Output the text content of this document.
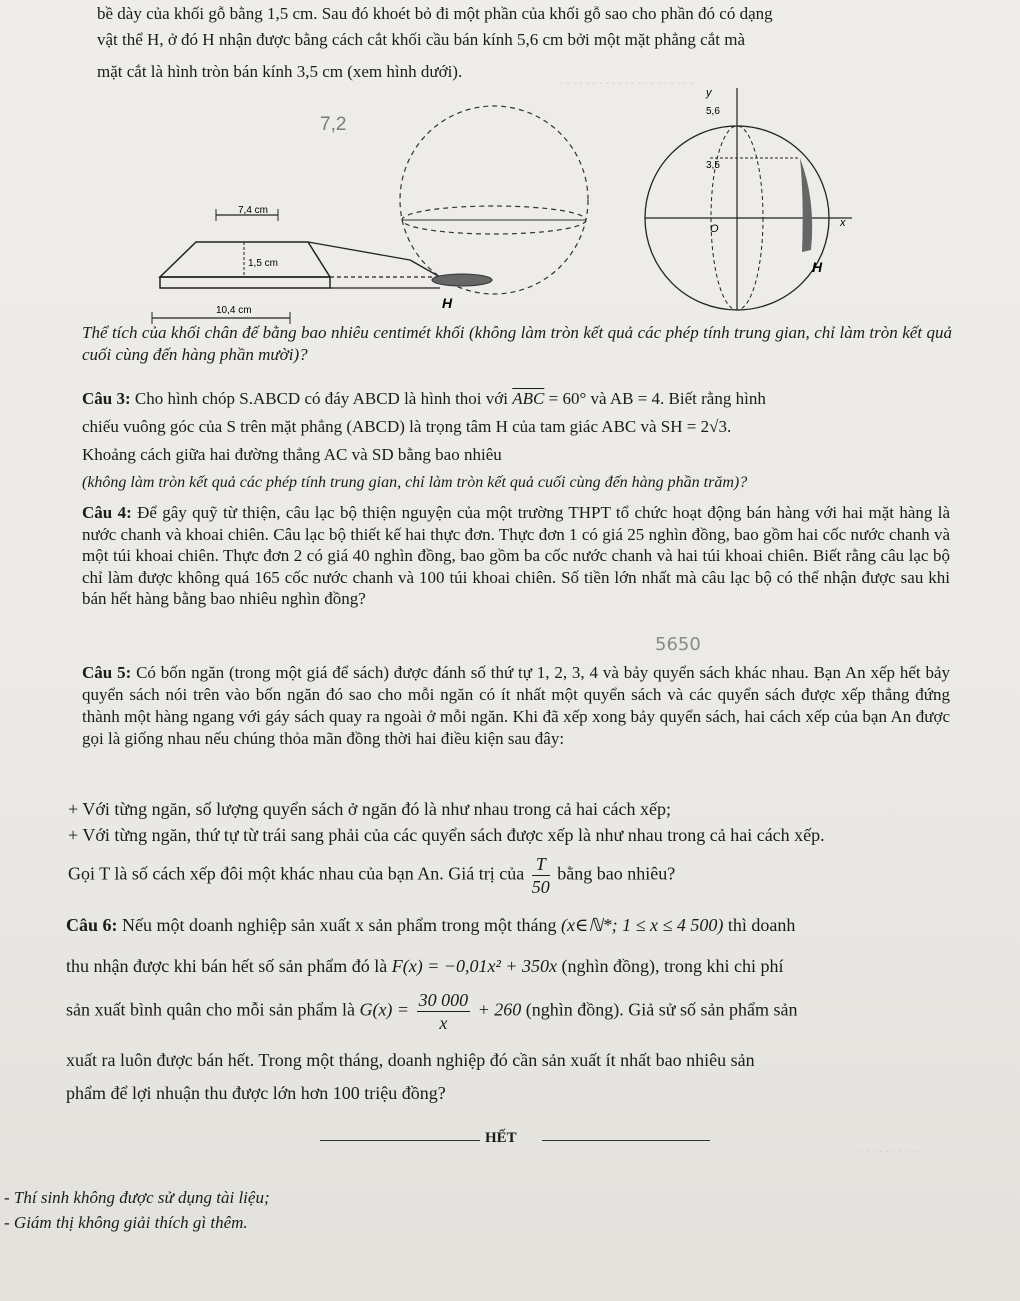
. . . . . . . . . . . . . . . . . . . . .
. . . . . . . . . .
bề dày của khối gỗ bằng 1,5 cm. Sau đó khoét bỏ đi một phần của khối gỗ sao cho phần đó có dạng
vật thể H, ở đó H nhận được bằng cách cắt khối cầu bán kính 5,6 cm bởi một mặt phẳng cắt mà
mặt cắt là hình tròn bán kính 3,5 cm (xem hình dưới).
7,4 cm
1,5 cm
10,4 cm
7,2
H
y
5,6
x
O
3,5
H

Thể tích của khối chân đế bằng bao nhiêu centimét khối (không làm tròn kết quả các phép tính trung gian, chỉ làm tròn kết quả cuối cùng đến hàng phần mười)?

Câu 3: Cho hình chóp S.ABCD có đáy ABCD là hình thoi với $\overline{ABC} = 60^\circ$ và AB = 4. Biết rằng hình
chiếu vuông góc của S trên mặt phẳng (ABCD) là trọng tâm H của tam giác ABC và SH = 2√3.
Khoảng cách giữa hai đường thẳng AC và SD bằng bao nhiêu
(không làm tròn kết quả các phép tính trung gian, chỉ làm tròn kết quả cuối cùng đến hàng phần trăm)?

Câu 4: Để gây quỹ từ thiện, câu lạc bộ thiện nguyện của một trường THPT tổ chức hoạt động bán hàng với hai mặt hàng là nước chanh và khoai chiên. Câu lạc bộ thiết kế hai thực đơn. Thực đơn 1 có giá 25 nghìn đồng, bao gồm hai cốc nước chanh và một túi khoai chiên. Thực đơn 2 có giá 40 nghìn đồng, bao gồm ba cốc nước chanh và hai túi khoai chiên. Biết rằng câu lạc bộ chỉ làm được không quá 165 cốc nước chanh và 100 túi khoai chiên. Số tiền lớn nhất mà câu lạc bộ có thể nhận được sau khi bán hết hàng bằng bao nhiêu nghìn đồng?

5650

Câu 5: Có bốn ngăn (trong một giá để sách) được đánh số thứ tự 1, 2, 3, 4 và bảy quyển sách khác nhau. Bạn An xếp hết bảy quyển sách nói trên vào bốn ngăn đó sao cho mỗi ngăn có ít nhất một quyển sách và các quyển sách được xếp thẳng đứng thành một hàng ngang với gáy sách quay ra ngoài ở mỗi ngăn. Khi đã xếp xong bảy quyển sách, hai cách xếp của bạn An được gọi là giống nhau nếu chúng thỏa mãn đồng thời hai điều kiện sau đây:

+ Với từng ngăn, số lượng quyển sách ở ngăn đó là như nhau trong cả hai cách xếp;
+ Với từng ngăn, thứ tự từ trái sang phải của các quyển sách được xếp là như nhau trong cả hai cách xếp.
Gọi T là số cách xếp đôi một khác nhau của bạn An. Giá trị của $\frac{T}{50}$ bằng bao nhiêu?
Câu 6: Nếu một doanh nghiệp sản xuất x sản phẩm trong một tháng (x∈ℕ*; 1 ≤ x ≤ 4 500) thì doanh
thu nhận được khi bán hết số sản phẩm đó là F(x) = −0,01x² + 350x (nghìn đồng), trong khi chi phí
sản xuất bình quân cho mỗi sản phẩm là $G(x) = \frac{30 000}{x} + 260$ (nghìn đồng). Giả sử số sản phẩm sản
xuất ra luôn được bán hết. Trong một tháng, doanh nghiệp đó cần sản xuất ít nhất bao nhiêu sản
phẩm để lợi nhuận thu được lớn hơn 100 triệu đồng?
HẾT
- Thí sinh không được sử dụng tài liệu;
- Giám thị không giải thích gì thêm.
